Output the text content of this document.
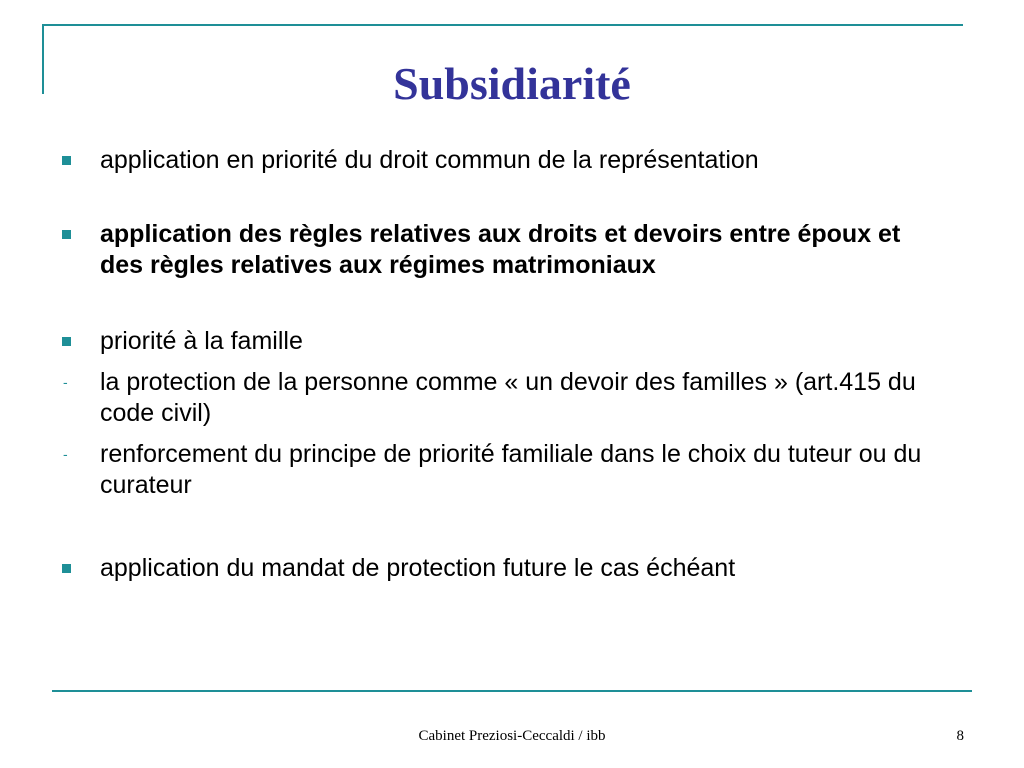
Subsidiarité
application en priorité du droit commun de la représentation
application des règles relatives aux droits et devoirs entre époux et des règles relatives aux régimes matrimoniaux
priorité à la famille
- la protection de la personne comme « un devoir des familles » (art.415 du code civil)
- renforcement du principe de priorité familiale dans le choix du tuteur ou du curateur
application du mandat de protection future le cas échéant
Cabinet Preziosi-Ceccaldi / ibb	8
